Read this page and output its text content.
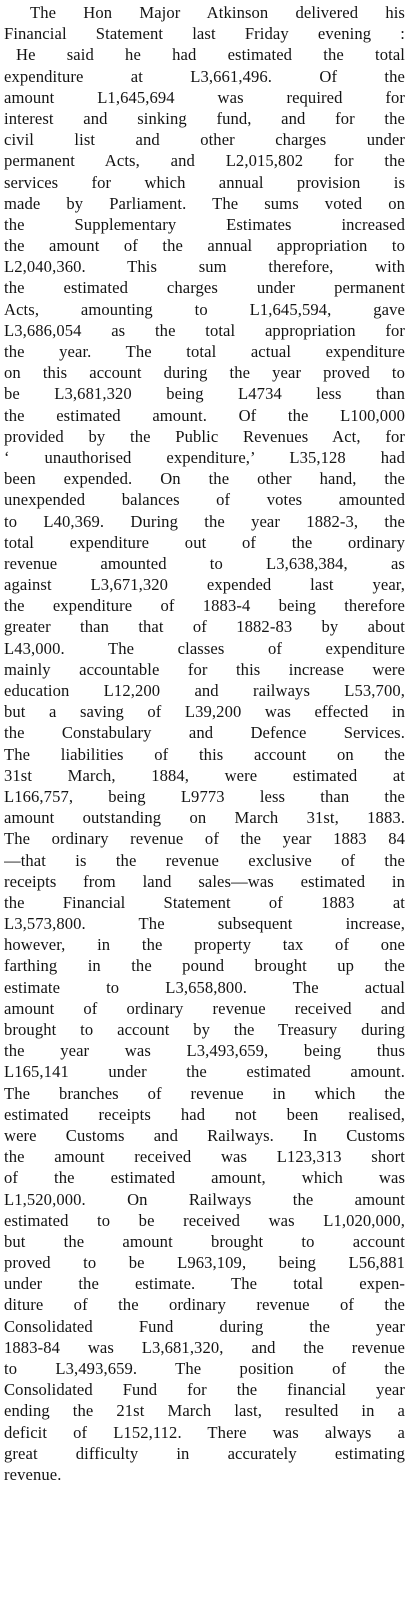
The Hon Major Atkinson delivered his
Financial Statement last Friday evening :
He said he had estimated the total
expenditure at L3,661,496. Of the
amount L1,645,694 was required for
interest and sinking fund, and for the
civil list and other charges under
permanent Acts, and L2,015,802 for the
services for which annual provision is
made by Parliament. The sums voted on
the Supplementary Estimates increased
the amount of the annual appropriation to
L2,040,360. This sum therefore, with
the estimated charges under permanent
Acts, amounting to L1,645,594, gave
L3,686,054 as the total appropriation for
the year. The total actual expenditure
on this account during the year proved to
be L3,681,320 being L4734 less than
the estimated amount. Of the L100,000
provided by the Public Revenues Act, for
‘ unauthorised expenditure,’ L35,128 had
been expended. On the other hand, the
unexpended balances of votes amounted
to L40,369. During the year 1882-3, the
total expenditure out of the ordinary
revenue amounted to L3,638,384, as
against L3,671,320 expended last year,
the expenditure of 1883-4 being therefore
greater than that of 1882-83 by about
L43,000. The classes of expenditure
mainly accountable for this increase were
education L12,200 and railways L53,700,
but a saving of L39,200 was effected in
the Constabulary and Defence Services.
The liabilities of this account on the
31st March, 1884, were estimated at
L166,757, being L9773 less than the
amount outstanding on March 31st, 1883.
The ordinary revenue of the year 1883 84
—that is the revenue exclusive of the
receipts from land sales—was estimated in
the Financial Statement of 1883 at
L3,573,800. The subsequent increase,
however, in the property tax of one
farthing in the pound brought up the
estimate to L3,658,800. The actual
amount of ordinary revenue received and
brought to account by the Treasury during
the year was L3,493,659, being thus
L165,141 under the estimated amount.
The branches of revenue in which the
estimated receipts had not been realised,
were Customs and Railways. In Customs
the amount received was L123,313 short
of the estimated amount, which was
L1,520,000. On Railways the amount
estimated to be received was L1,020,000,
but the amount brought to account
proved to be L963,109, being L56,881
under the estimate. The total expen-
diture of the ordinary revenue of the
Consolidated Fund during the year
1883-84 was L3,681,320, and the revenue
to L3,493,659. The position of the
Consolidated Fund for the financial year
ending the 21st March last, resulted in a
deficit of L152,112. There was always a
great difficulty in accurately estimating
revenue.
